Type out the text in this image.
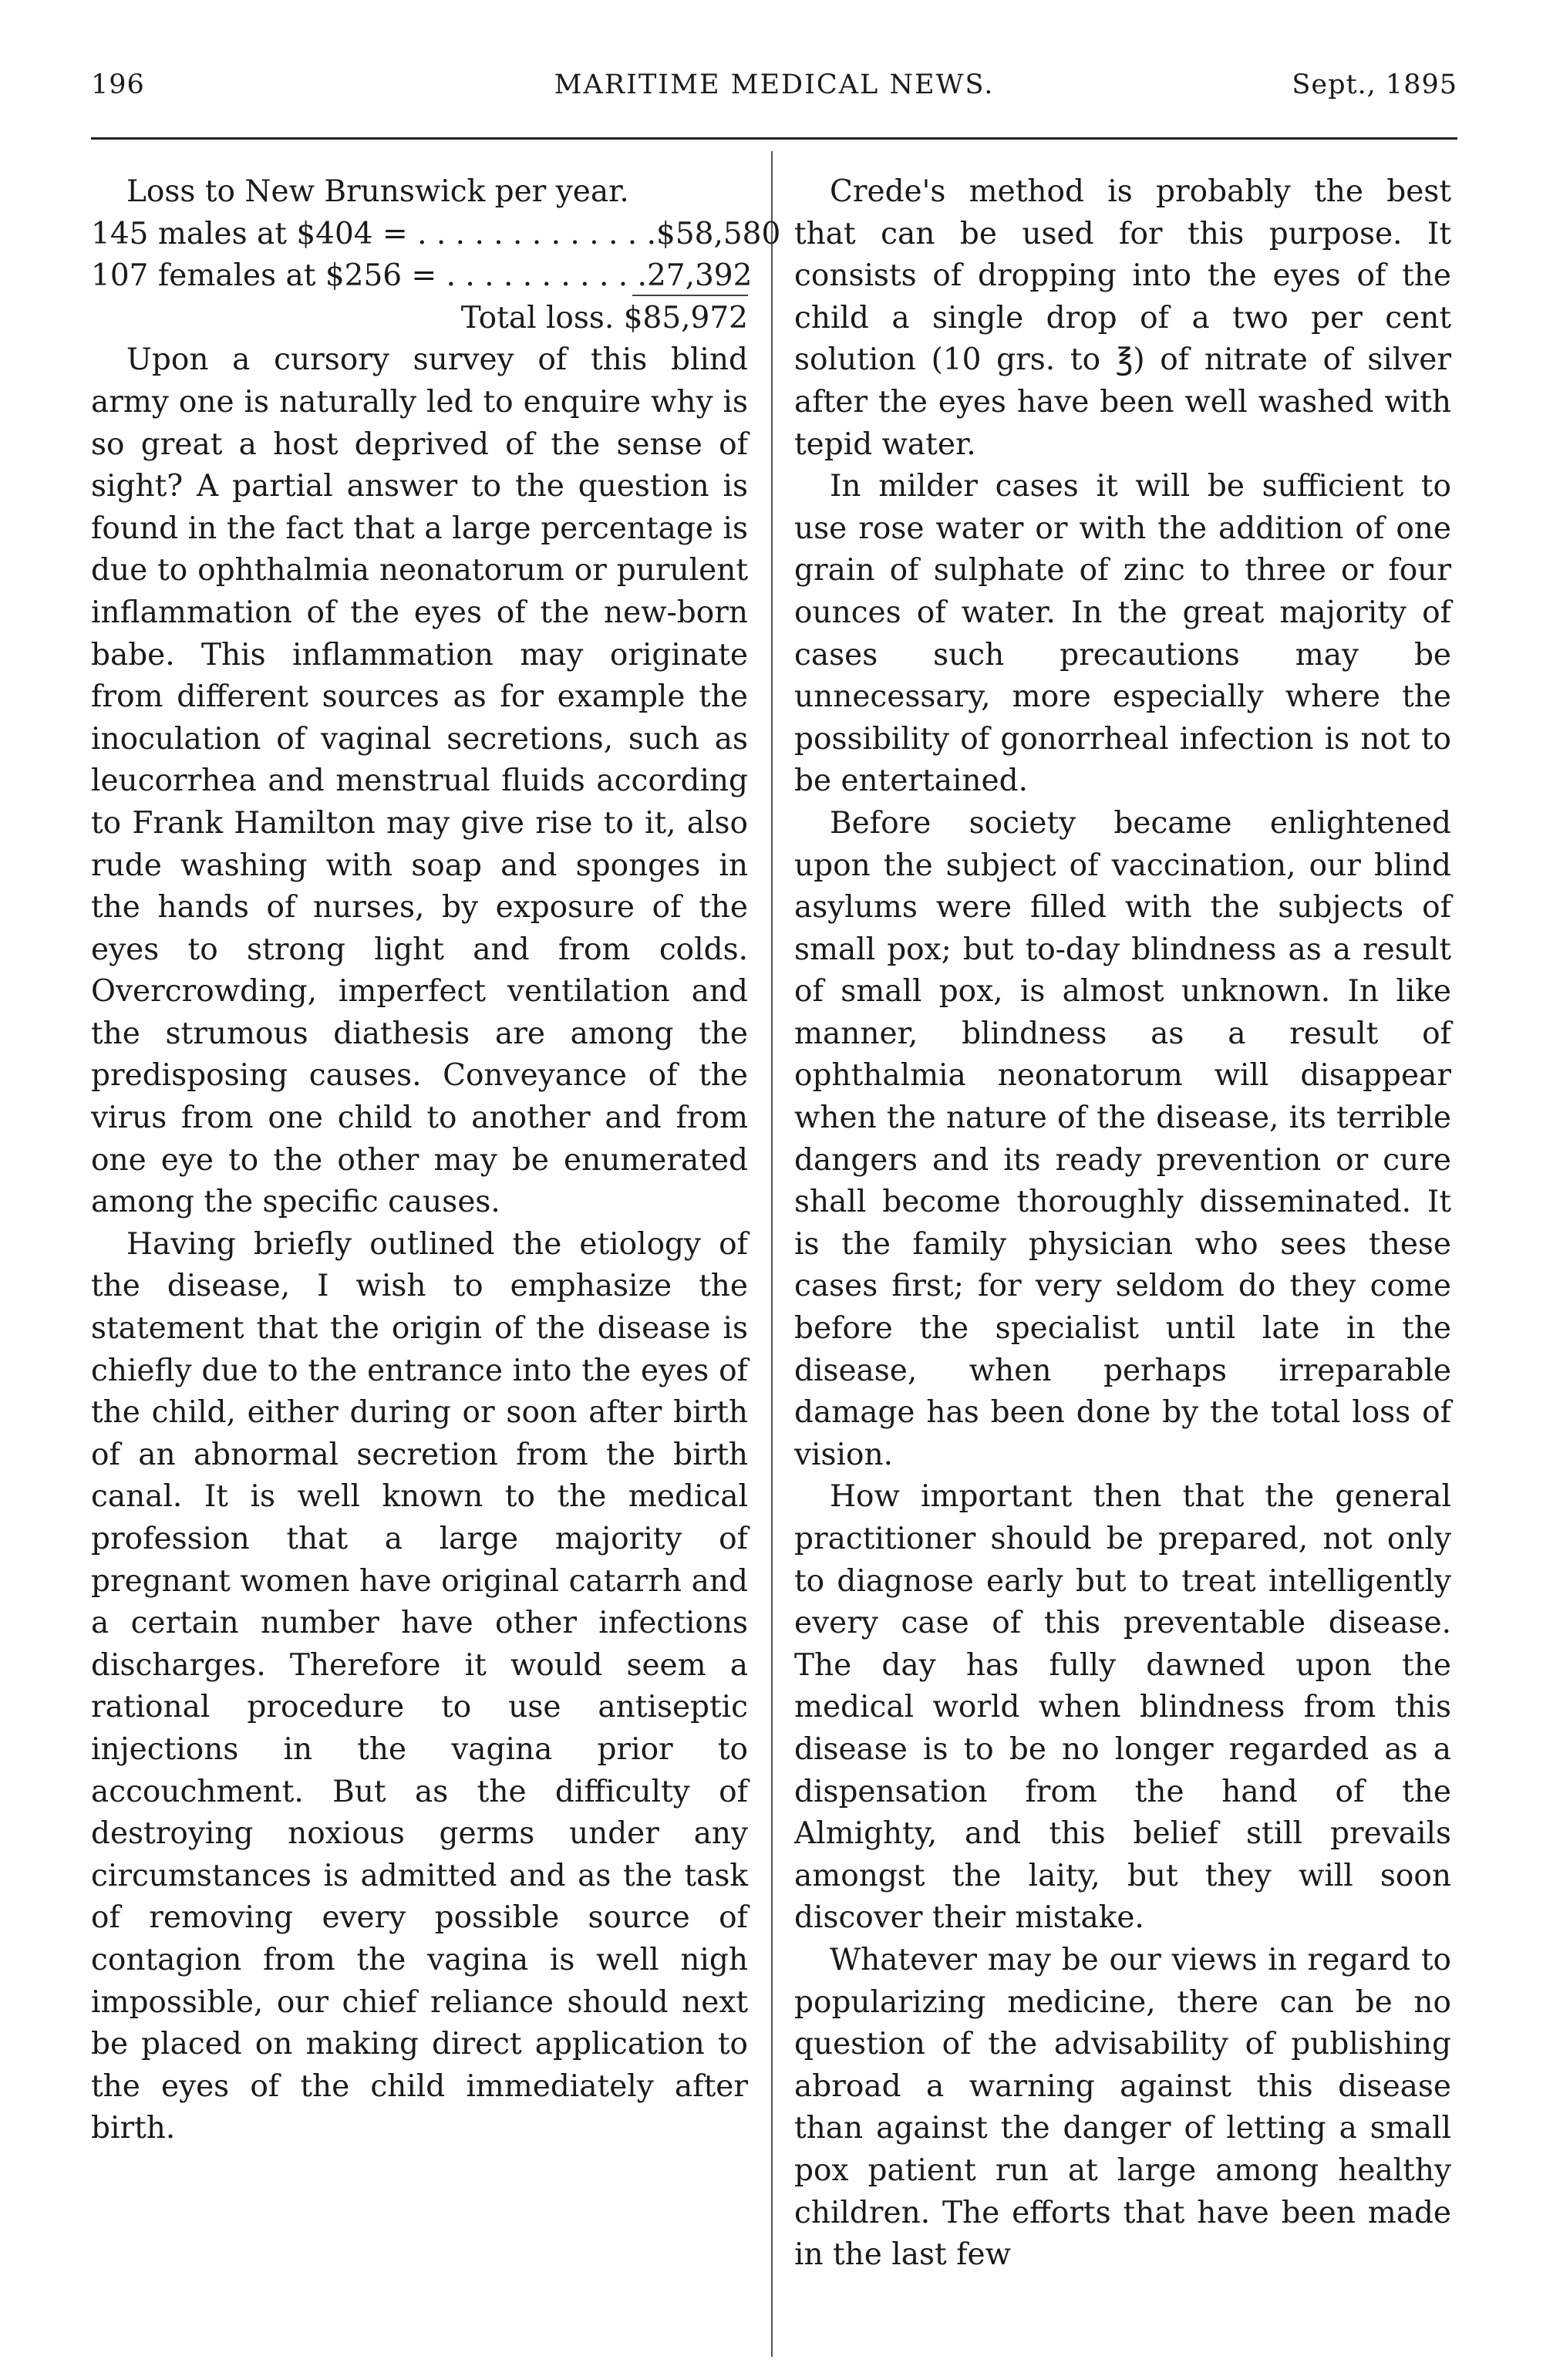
196	MARITIME MEDICAL NEWS.	Sept., 1895
Loss to New Brunswick per year.
145 males at $404 = . . . . . . . . . . . . . $58,580
107 females at $256 = . . . . . . . . . . . 27,392
Total loss. $85,972

Upon a cursory survey of this blind army one is naturally led to enquire why is so great a host deprived of the sense of sight? A partial answer to the question is found in the fact that a large percentage is due to ophthalmia neonatorum or purulent inflammation of the eyes of the new-born babe. This inflammation may originate from different sources as for example the inoculation of vaginal secretions, such as leucorrhea and menstrual fluids according to Frank Hamilton may give rise to it, also rude washing with soap and sponges in the hands of nurses, by exposure of the eyes to strong light and from colds. Overcrowding, imperfect ventilation and the strumous diathesis are among the predisposing causes. Conveyance of the virus from one child to another and from one eye to the other may be enumerated among the specific causes.

Having briefly outlined the etiology of the disease, I wish to emphasize the statement that the origin of the disease is chiefly due to the entrance into the eyes of the child, either during or soon after birth of an abnormal secretion from the birth canal. It is well known to the medical profession that a large majority of pregnant women have original catarrh and a certain number have other infections discharges. Therefore it would seem a rational procedure to use antiseptic injections in the vagina prior to accouchment. But as the difficulty of destroying noxious germs under any circumstances is admitted and as the task of removing every possible source of contagion from the vagina is well nigh impossible, our chief reliance should next be placed on making direct application to the eyes of the child immediately after birth.

Crede's method is probably the best that can be used for this purpose. It consists of dropping into the eyes of the child a single drop of a two per cent solution (10 grs. to ℥) of nitrate of silver after the eyes have been well washed with tepid water.

In milder cases it will be sufficient to use rose water or with the addition of one grain of sulphate of zinc to three or four ounces of water. In the great majority of cases such precautions may be unnecessary, more especially where the possibility of gonorrheal infection is not to be entertained.

Before society became enlightened upon the subject of vaccination, our blind asylums were filled with the subjects of small pox; but to-day blindness as a result of small pox, is almost unknown. In like manner, blindness as a result of ophthalmia neonatorum will disappear when the nature of the disease, its terrible dangers and its ready prevention or cure shall become thoroughly disseminated. It is the family physician who sees these cases first; for very seldom do they come before the specialist until late in the disease, when perhaps irreparable damage has been done by the total loss of vision.

How important then that the general practitioner should be prepared, not only to diagnose early but to treat intelligently every case of this preventable disease. The day has fully dawned upon the medical world when blindness from this disease is to be no longer regarded as a dispensation from the hand of the Almighty, and this belief still prevails amongst the laity, but they will soon discover their mistake.

Whatever may be our views in regard to popularizing medicine, there can be no question of the advisability of publishing abroad a warning against this disease than against the danger of letting a small pox patient run at large among healthy children. The efforts that have been made in the last few
